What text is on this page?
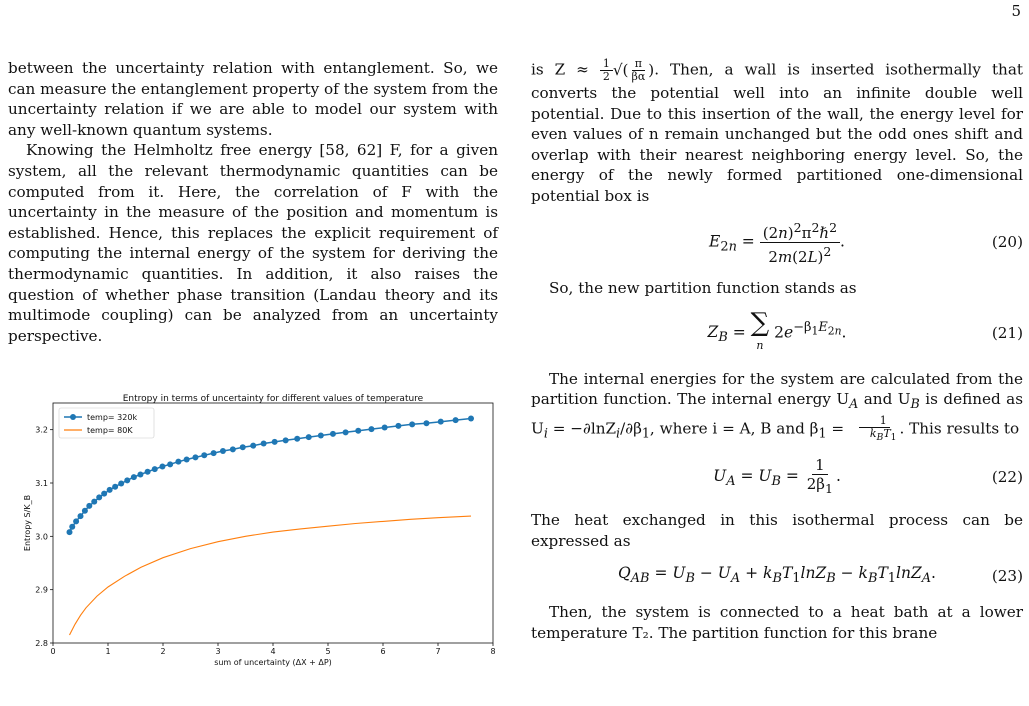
5

between the uncertainty relation with entanglement. So, we can measure the entanglement property of the system from the uncertainty relation if we are able to model our system with any well-known quantum systems.

Knowing the Helmholtz free energy [58, 62] F, for a given system, all the relevant thermodynamic quantities can be computed from it. Here, the correlation of F with the uncertainty in the measure of the position and momentum is established. Hence, this replaces the explicit requirement of computing the internal energy of the system for deriving the thermodynamic quantities. In addition, it also raises the question of whether phase transition (Landau theory and its multimode coupling) can be analyzed from an uncertainty perspective.

Entropy in terms of uncertainty for different values of temperature
2.8
2.9
3.0
3.1
3.2
0	1	2	3	4	5	6	7	8
temp= 320k
temp= 80K
sum of uncertainty (ΔX + ΔP)
Entropy S/K_B

is $Z \approx \frac{1}{2}$ √( $\frac{\pi}{\beta\alpha}$ ). Then, a wall is inserted isothermally that converts the potential well into an infinite double well potential. Due to this insertion of the wall, the energy level for even values of n remain unchanged but the odd ones shift and overlap with their nearest neighboring energy level. So, the energy of the newly formed partitioned one-dimensional potential box is

$E_{2n} = \frac{(2n)^2\pi^2\hbar^2}{2m(2L)^2}$ .	(20)

So, the new partition function stands as

$Z_B$ = ∑
n
$2e^{-\beta_1E_{2n}}$.	(21)

The internal energies for the system are calculated from the partition function. The internal energy $U_A$ and $U_B$ is defined as $U_i = -\partial\ln Z_i/\partial\beta_1$, where i = A, B and $\beta_1 = \frac{1}{k_BT_1}$ . This results to

$U_A = U_B = \frac{1}{2\beta_1}$ .	(22)

The heat exchanged in this isothermal process can be expressed as

$Q_{AB} = U_B - U_A + k_BT_1\ln Z_B - k_BT_1\ln Z_A$.	(23)

Then, the system is connected to a heat bath at a lower temperature T₂. The partition function for this brane
